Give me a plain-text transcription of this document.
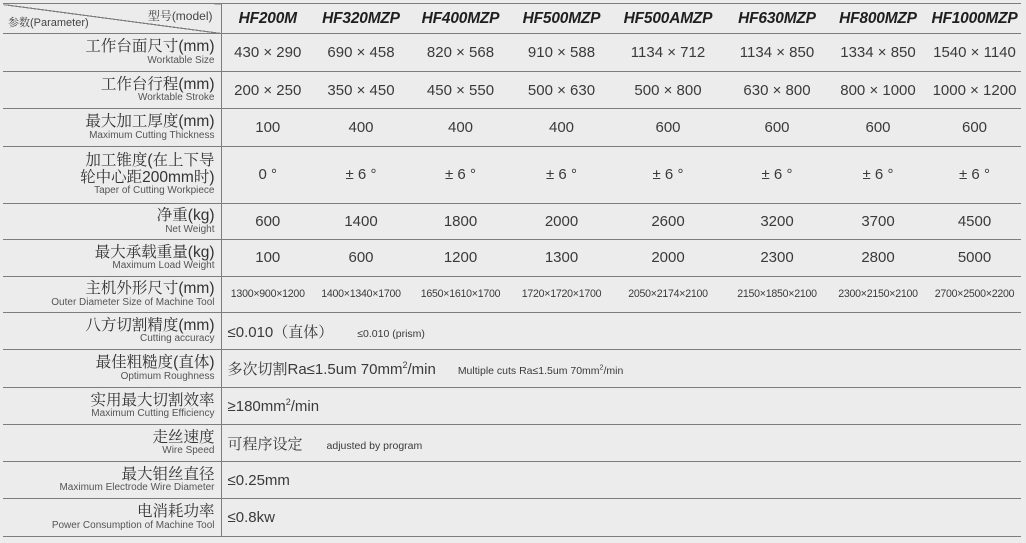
型号(model)
参数(Parameter)	HF200M	HF320MZP	HF400MZP	HF500MZP	HF500AMZP	HF630MZP	HF800MZP	HF1000MZP

工作台面尺寸(mm)
Worktable Size	430 × 290	690 × 458	820 × 568	910 × 588	1134 × 712	1134 × 850	1334 × 850	1540 × 1140

工作台行程(mm)
Worktable Stroke	200 × 250	350 × 450	450 × 550	500 × 630	500 × 800	630 × 800	800 × 1000	1000 × 1200

最大加工厚度(mm)
Maximum Cutting Thickness	100	400	400	400	600	600	600	600

加工锥度(在上下导
轮中心距200mm时)
Taper of Cutting Workpiece	0 °	± 6 °	± 6 °	± 6 °	± 6 °	± 6 °	± 6 °	± 6 °

净重(kg)
Net Weight	600	1400	1800	2000	2600	3200	3700	4500

最大承载重量(kg)
Maximum Load Weight	100	600	1200	1300	2000	2300	2800	5000

主机外形尺寸(mm)
Outer Diameter Size of Machine Tool	1300×900×1200	1400×1340×1700	1650×1610×1700	1720×1720×1700	2050×2174×2100	2150×1850×2100	2300×2150×2100	2700×2500×2200

八方切割精度(mm)
Cutting accuracy	≤0.010（直体） ≤0.010 (prism)							

最佳粗糙度(直体)
Optimum Roughness	多次切割Ra≤1.5um $70mm^2/\min$ Multiple cuts Ra≤1.5um $70mm^2/\min$							

实用最大切割效率
Maximum Cutting Efficiency	$\ge 180mm^2/\min$							

走丝速度
Wire Speed	可程序设定 adjusted by program							

最大钼丝直径
Maximum Electrode Wire Diameter	≤0.25mm							

电消耗功率
Power Consumption of Machine Tool	≤0.8kw							
